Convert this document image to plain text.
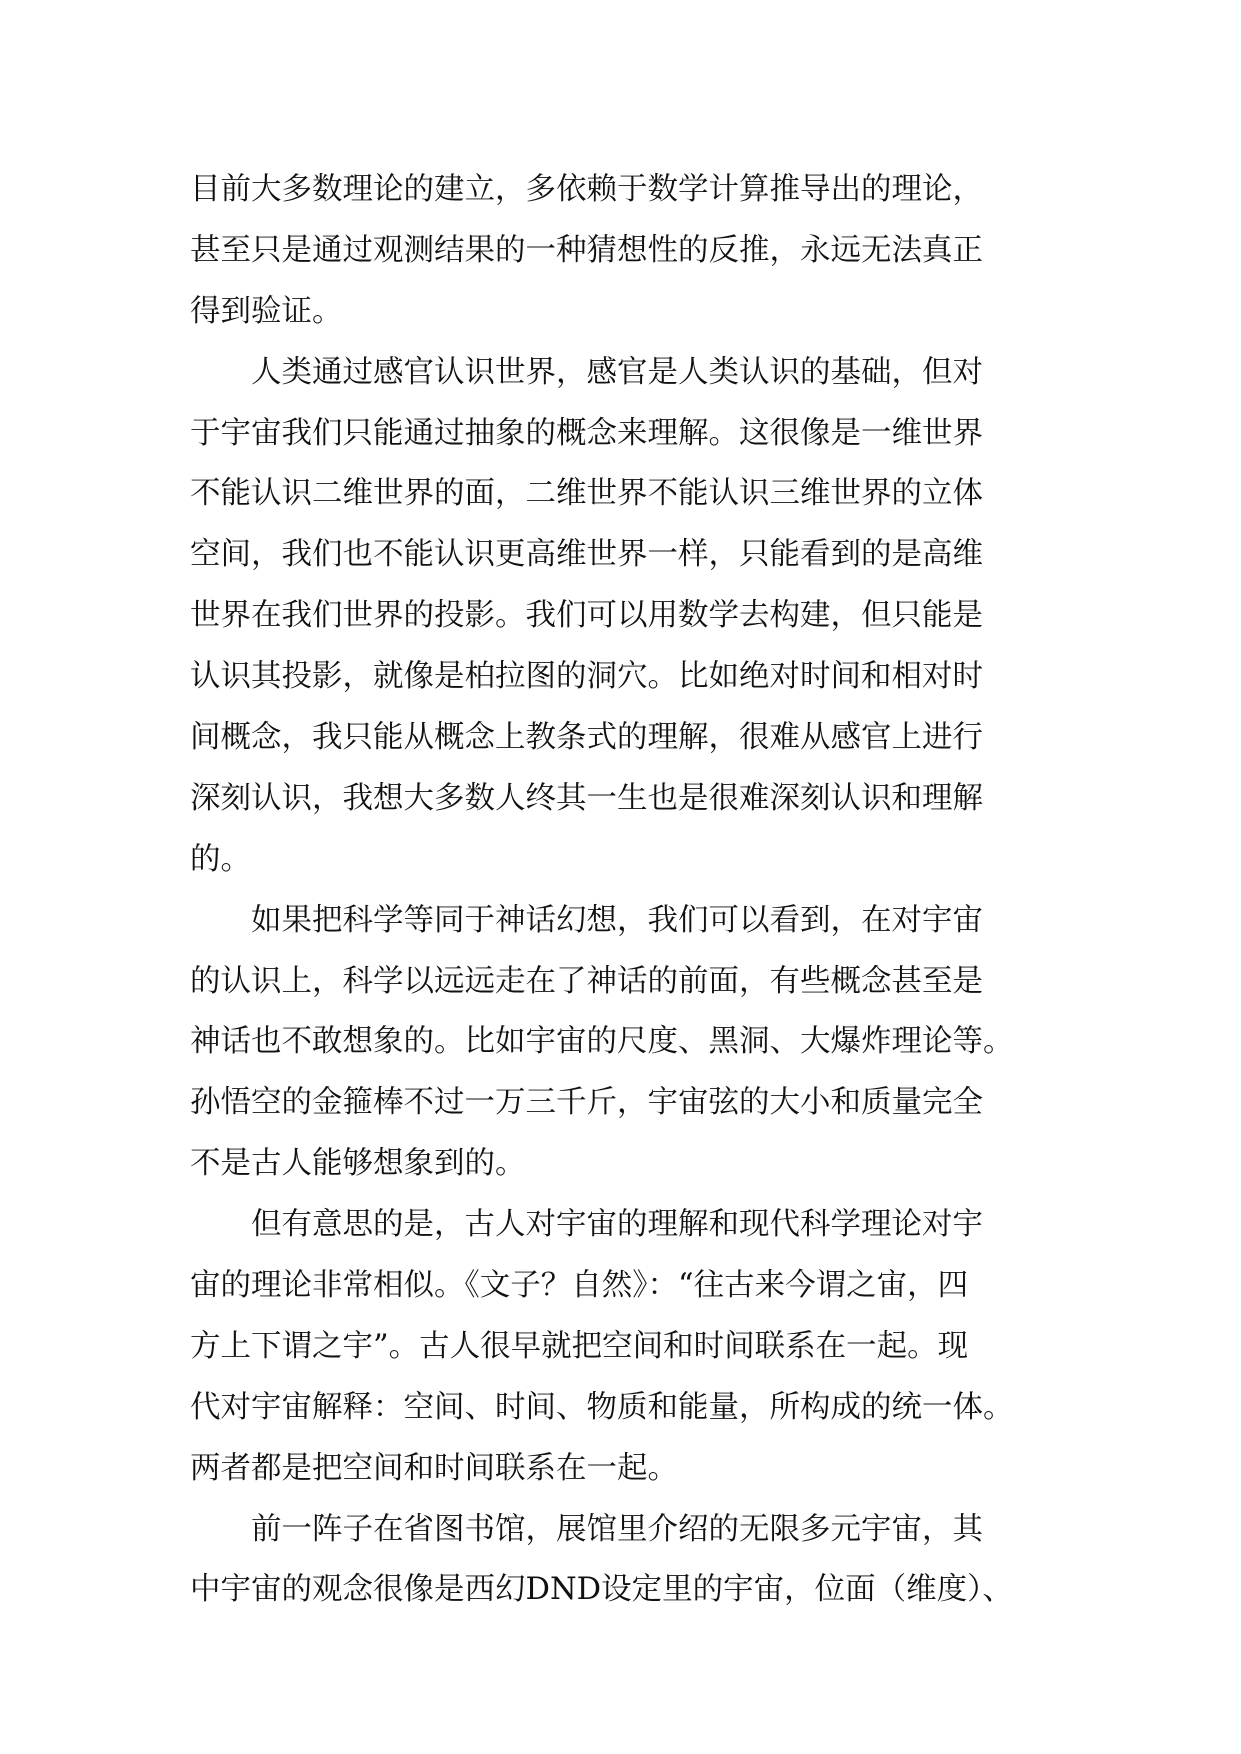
目前大多数理论的建立，多依赖于数学计算推导出的理论，
甚至只是通过观测结果的一种猜想性的反推，永远无法真正
得到验证。
　　人类通过感官认识世界，感官是人类认识的基础，但对
于宇宙我们只能通过抽象的概念来理解。这很像是一维世界
不能认识二维世界的面，二维世界不能认识三维世界的立体
空间，我们也不能认识更高维世界一样，只能看到的是高维
世界在我们世界的投影。我们可以用数学去构建，但只能是
认识其投影，就像是柏拉图的洞穴。比如绝对时间和相对时
间概念，我只能从概念上教条式的理解，很难从感官上进行
深刻认识，我想大多数人终其一生也是很难深刻认识和理解
的。
　　如果把科学等同于神话幻想，我们可以看到，在对宇宙
的认识上，科学以远远走在了神话的前面，有些概念甚至是
神话也不敢想象的。比如宇宙的尺度、黑洞、大爆炸理论等。
孙悟空的金箍棒不过一万三千斤，宇宙弦的大小和质量完全
不是古人能够想象到的。
　　但有意思的是，古人对宇宙的理解和现代科学理论对宇
宙的理论非常相似。《文子？自然》：“往古来今谓之宙，四
方上下谓之宇”。古人很早就把空间和时间联系在一起。现
代对宇宙解释：空间、时间、物质和能量，所构成的统一体。
两者都是把空间和时间联系在一起。
　　前一阵子在省图书馆，展馆里介绍的无限多元宇宙，其
中宇宙的观念很像是西幻DND设定里的宇宙，位面（维度）、
